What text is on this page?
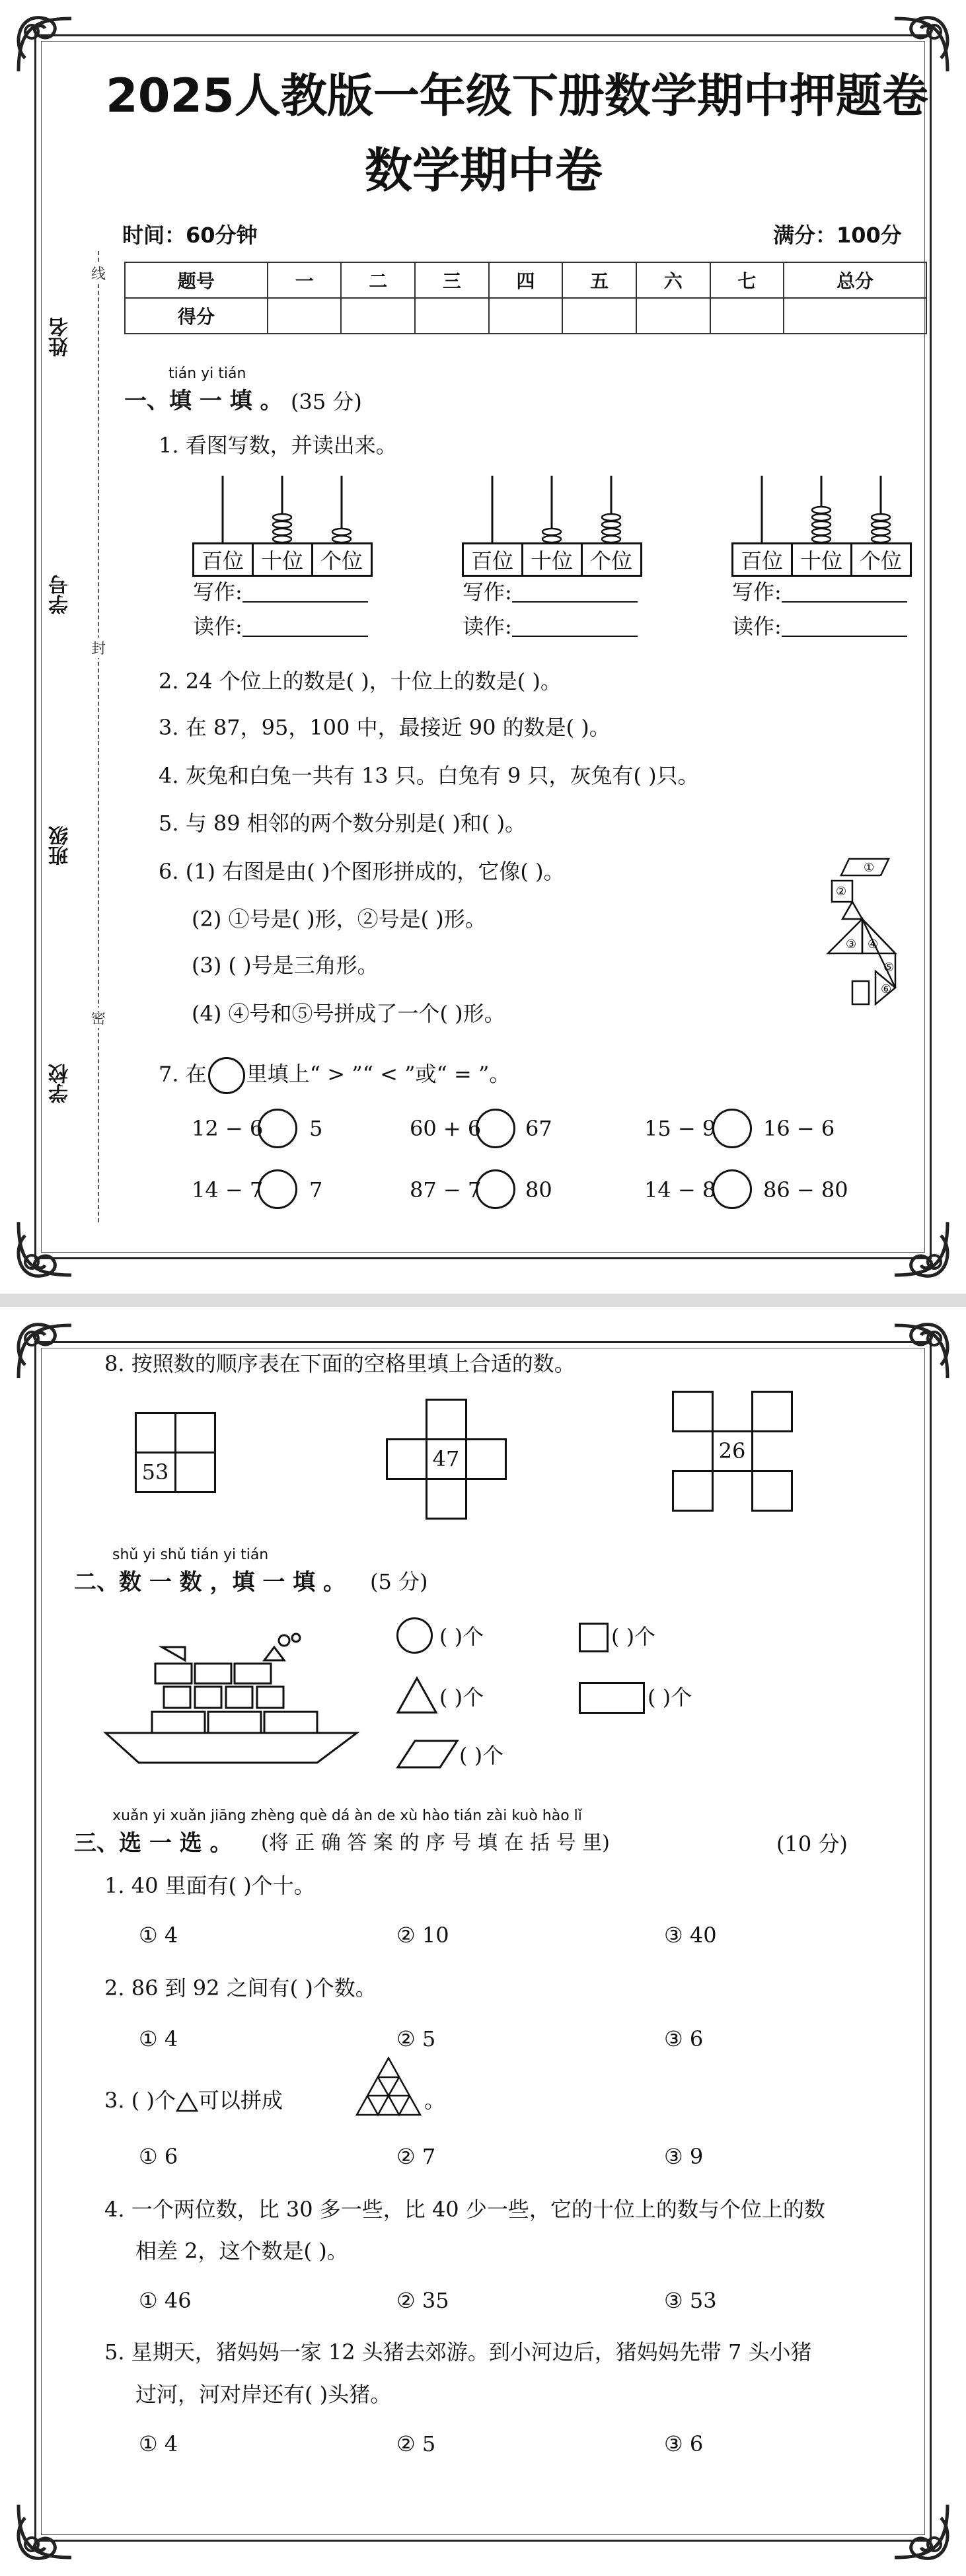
2025人教版一年级下册数学期中押题卷
数学期中卷
时间：60分钟	满分：100分
姓名
学号
班级
学校
线
封
密
题号	一	二	三	四	五	六	七	总分
得分								
tián yi tián
一、填 一 填 。 (35 分)
1. 看图写数，并读出来。
百位 十位 个位
写作:
读作:
百位 十位 个位
写作:
读作:
百位 十位 个位
写作:
读作:
2. 24 个位上的数是( )，十位上的数是( )。
3. 在 87，95，100 中，最接近 90 的数是( )。
4. 灰兔和白兔一共有 13 只。白兔有 9 只，灰兔有( )只。
5. 与 89 相邻的两个数分别是( )和( )。
6. (1) 右图是由( )个图形拼成的，它像( )。
(2) ①号是( )形，②号是( )形。
(3) ( )号是三角形。
(4) ④号和⑤号拼成了一个( )形。
①
②
③ ④
⑤
⑥
7. 在 里填上“ > ”“ < ”或“ = ”。
12 − 6 5	60 + 6 67	15 − 9 16 − 6
14 − 7 7	87 − 7 80	14 − 8 86 − 80
8. 按照数的顺序表在下面的空格里填上合适的数。
53
47	26
shǔ yi shǔ tián yi tián
二、数 一 数 ，填 一 填 。 (5 分)
( )个	( )个
( )个	( )个
( )个
xuǎn yi xuǎn jiāng zhèng què dá àn de xù hào tián zài kuò hào lǐ
三、选 一 选 。 (将 正 确 答 案 的 序 号 填 在 括 号 里)	(10 分)
1. 40 里面有( )个十。
① 4	② 10	③ 40
2. 86 到 92 之间有( )个数。
① 4	② 5	③ 6
3. ( )个 可以拼成	。
① 6	② 7	③ 9
4. 一个两位数，比 30 多一些，比 40 少一些，它的十位上的数与个位上的数
相差 2，这个数是( )。
① 46	② 35	③ 53
5. 星期天，猪妈妈一家 12 头猪去郊游。到小河边后，猪妈妈先带 7 头小猪
过河，河对岸还有( )头猪。
① 4	② 5	③ 6
